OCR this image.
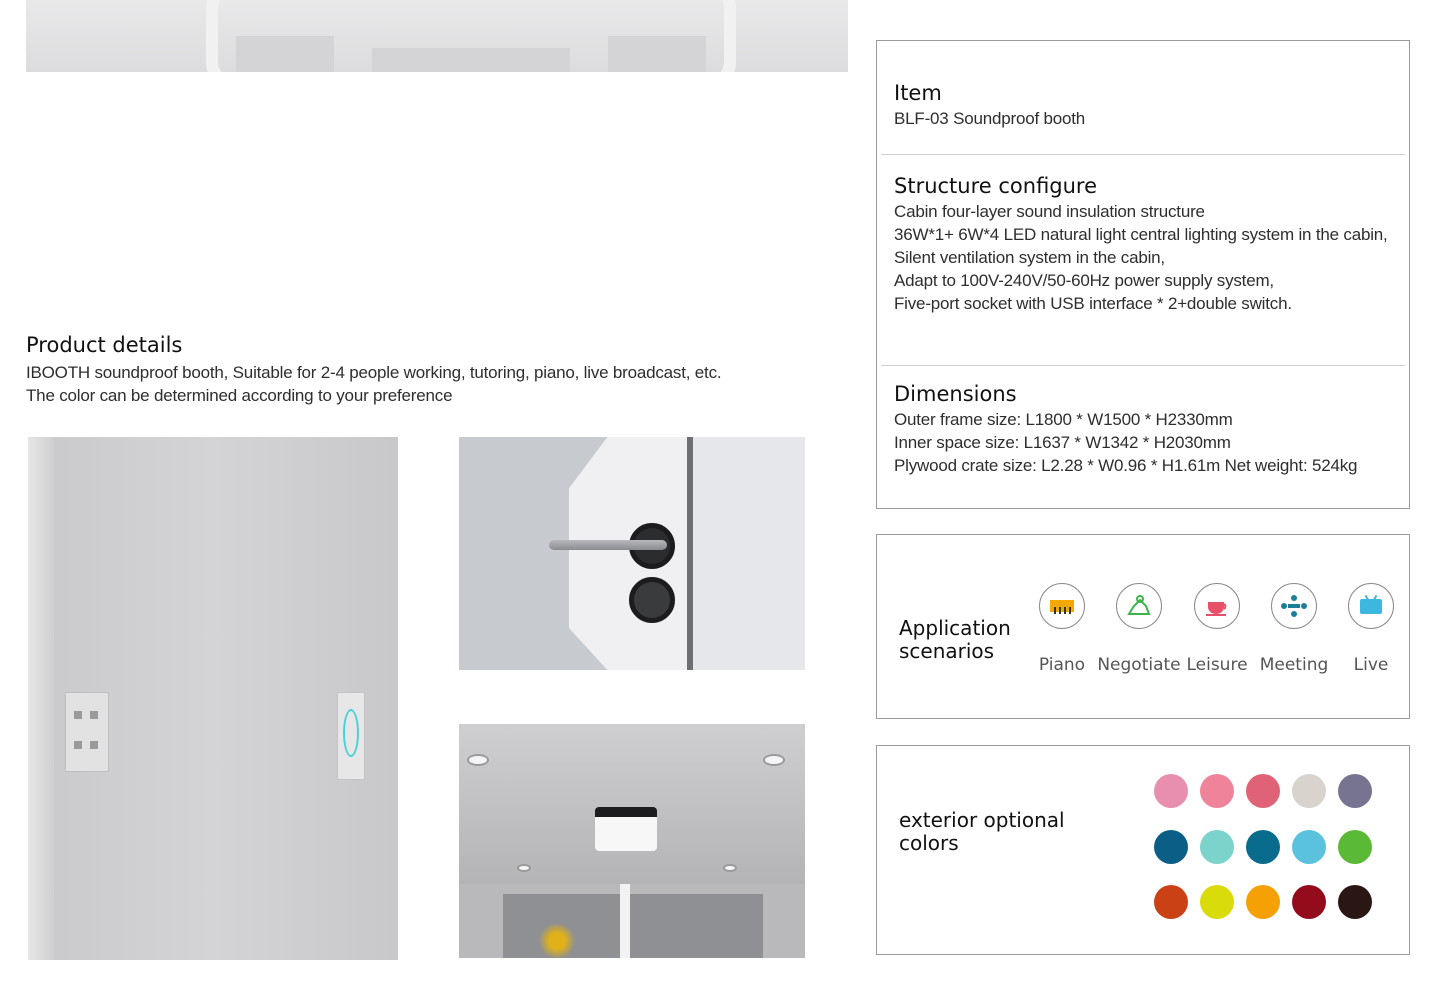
Product details
IBOOTH soundproof booth, Suitable for 2-4 people working, tutoring, piano, live broadcast, etc.
The color can be determined according to your preference
Item
BLF-03 Soundproof booth
Structure configure
Cabin four-layer sound insulation structure
36W*1+ 6W*4 LED natural light central lighting system in the cabin,
Silent ventilation system in the cabin,
Adapt to 100V-240V/50-60Hz power supply system,
Five-port socket with USB interface * 2+double switch.
Dimensions
Outer frame size: L1800 * W1500 * H2330mm
Inner space size: L1637 * W1342 * H2030mm
Plywood crate size: L2.28 * W0.96 * H1.61m Net weight: 524kg
Application
scenarios
Piano Negotiate Leisure Meeting	Live
exterior optional
colors
